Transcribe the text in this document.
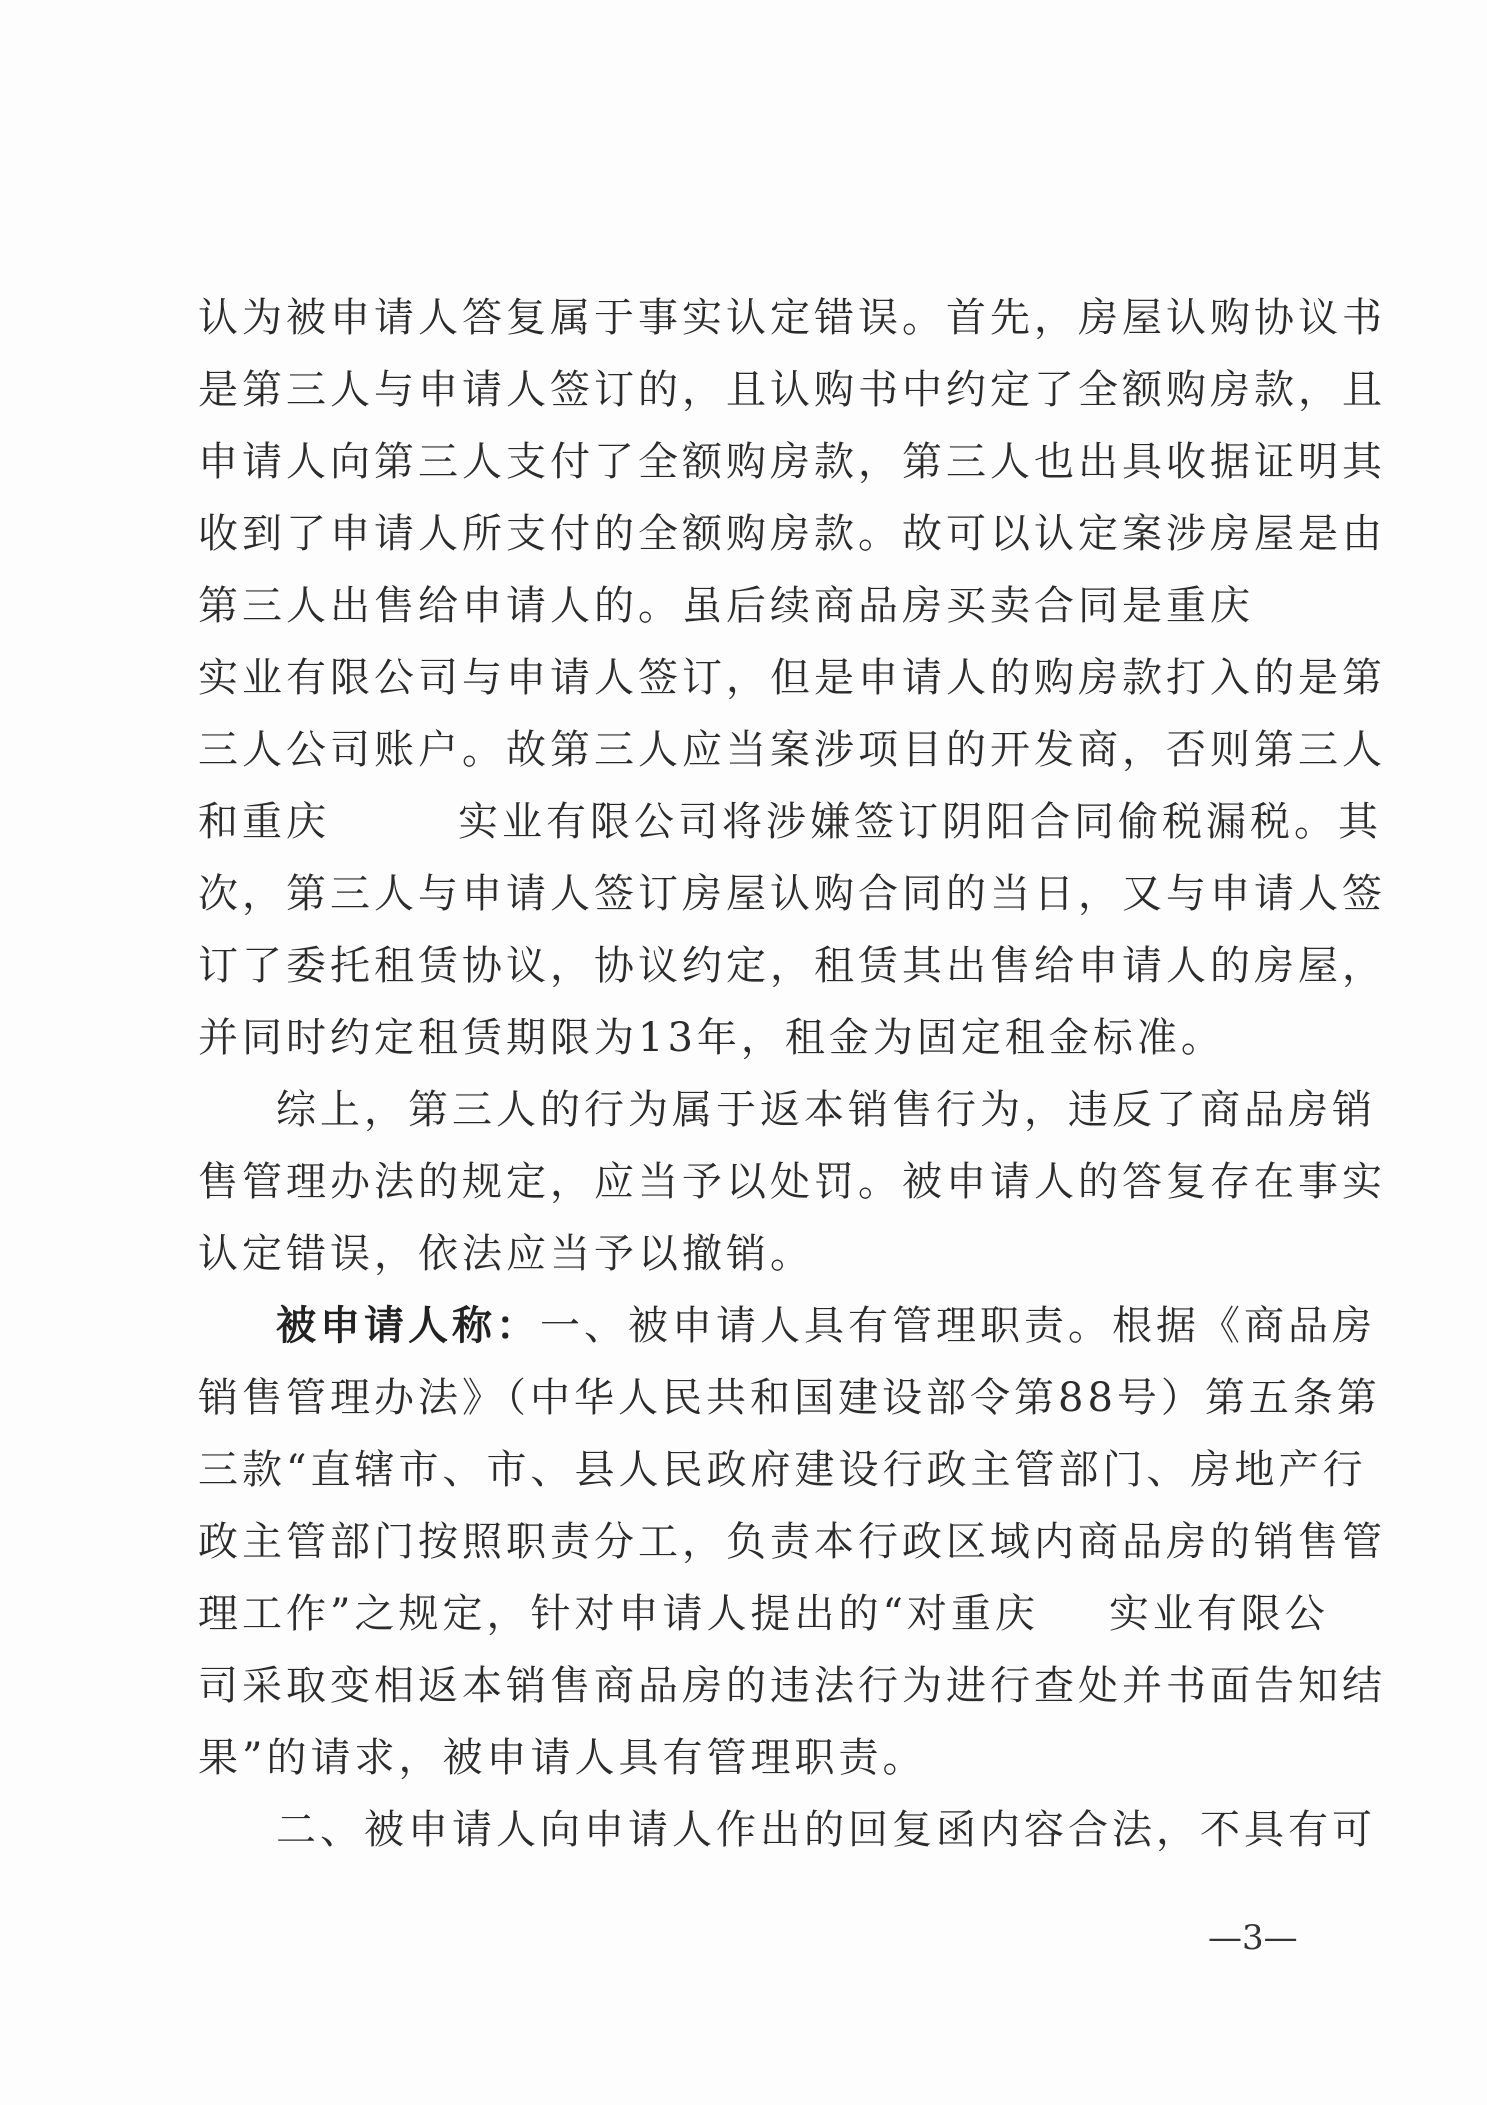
认为被申请人答复属于事实认定错误。首先，房屋认购协议书
是第三人与申请人签订的，且认购书中约定了全额购房款，且
申请人向第三人支付了全额购房款，第三人也出具收据证明其
收到了申请人所支付的全额购房款。故可以认定案涉房屋是由
第三人出售给申请人的。虽后续商品房买卖合同是重庆
实业有限公司与申请人签订，但是申请人的购房款打入的是第
三人公司账户。故第三人应当案涉项目的开发商，否则第三人
和重庆	实业有限公司将涉嫌签订阴阳合同偷税漏税。其
次，第三人与申请人签订房屋认购合同的当日，又与申请人签
订了委托租赁协议，协议约定，租赁其出售给申请人的房屋，
并同时约定租赁期限为13年，租金为固定租金标准。
综上，第三人的行为属于返本销售行为，违反了商品房销
售管理办法的规定，应当予以处罚。被申请人的答复存在事实
认定错误，依法应当予以撤销。
被申请人称：一、被申请人具有管理职责。根据《商品房
销售管理办法》（中华人民共和国建设部令第88号）第五条第
三款“直辖市、市、县人民政府建设行政主管部门、房地产行
政主管部门按照职责分工，负责本行政区域内商品房的销售管
理工作”之规定，针对申请人提出的“对重庆 实业有限公
司采取变相返本销售商品房的违法行为进行查处并书面告知结
果”的请求，被申请人具有管理职责。
二、被申请人向申请人作出的回复函内容合法，不具有可
—3—
